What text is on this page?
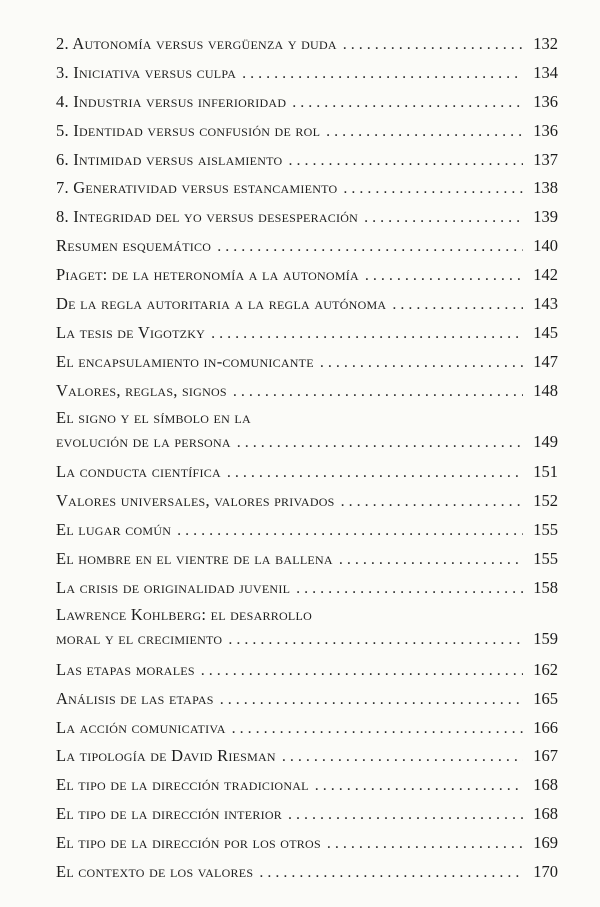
2. Autonomía versus vergüenza y duda . . .	132
3. Iniciativa versus culpa . . .	134
4. Industria versus inferioridad . . .	136
5. Identidad versus confusión de rol . . .	136
6. Intimidad versus aislamiento . . .	137
7. Generatividad versus estancamiento . . .	138
8. Integridad del yo versus desesperación . . .	139
Resumen esquemático . . .	140
Piaget: de la heteronomía a la autonomía . . .	142
De la regla autoritaria a la regla autónoma . . .	143
La tesis de Vigotzky . . .	145
El encapsulamiento in-comunicante . . .	147
Valores, reglas, signos . . .	148
El signo y el símbolo en la
evolución de la persona . . .	149
La conducta científica . . .	151
Valores universales, valores privados . . .	152
El lugar común . . .	155
El hombre en el vientre de la ballena . . .	155
La crisis de originalidad juvenil . . .	158
Lawrence Kohlberg: el desarrollo
moral y el crecimiento . . .	159
Las etapas morales . . .	162
Análisis de las etapas . . .	165
La acción comunicativa . . .	166
La tipología de David Riesman . . .	167
El tipo de la dirección tradicional . . .	168
El tipo de la dirección interior . . .	168
El tipo de la dirección por los otros . . .	169
El contexto de los valores . . .	170
